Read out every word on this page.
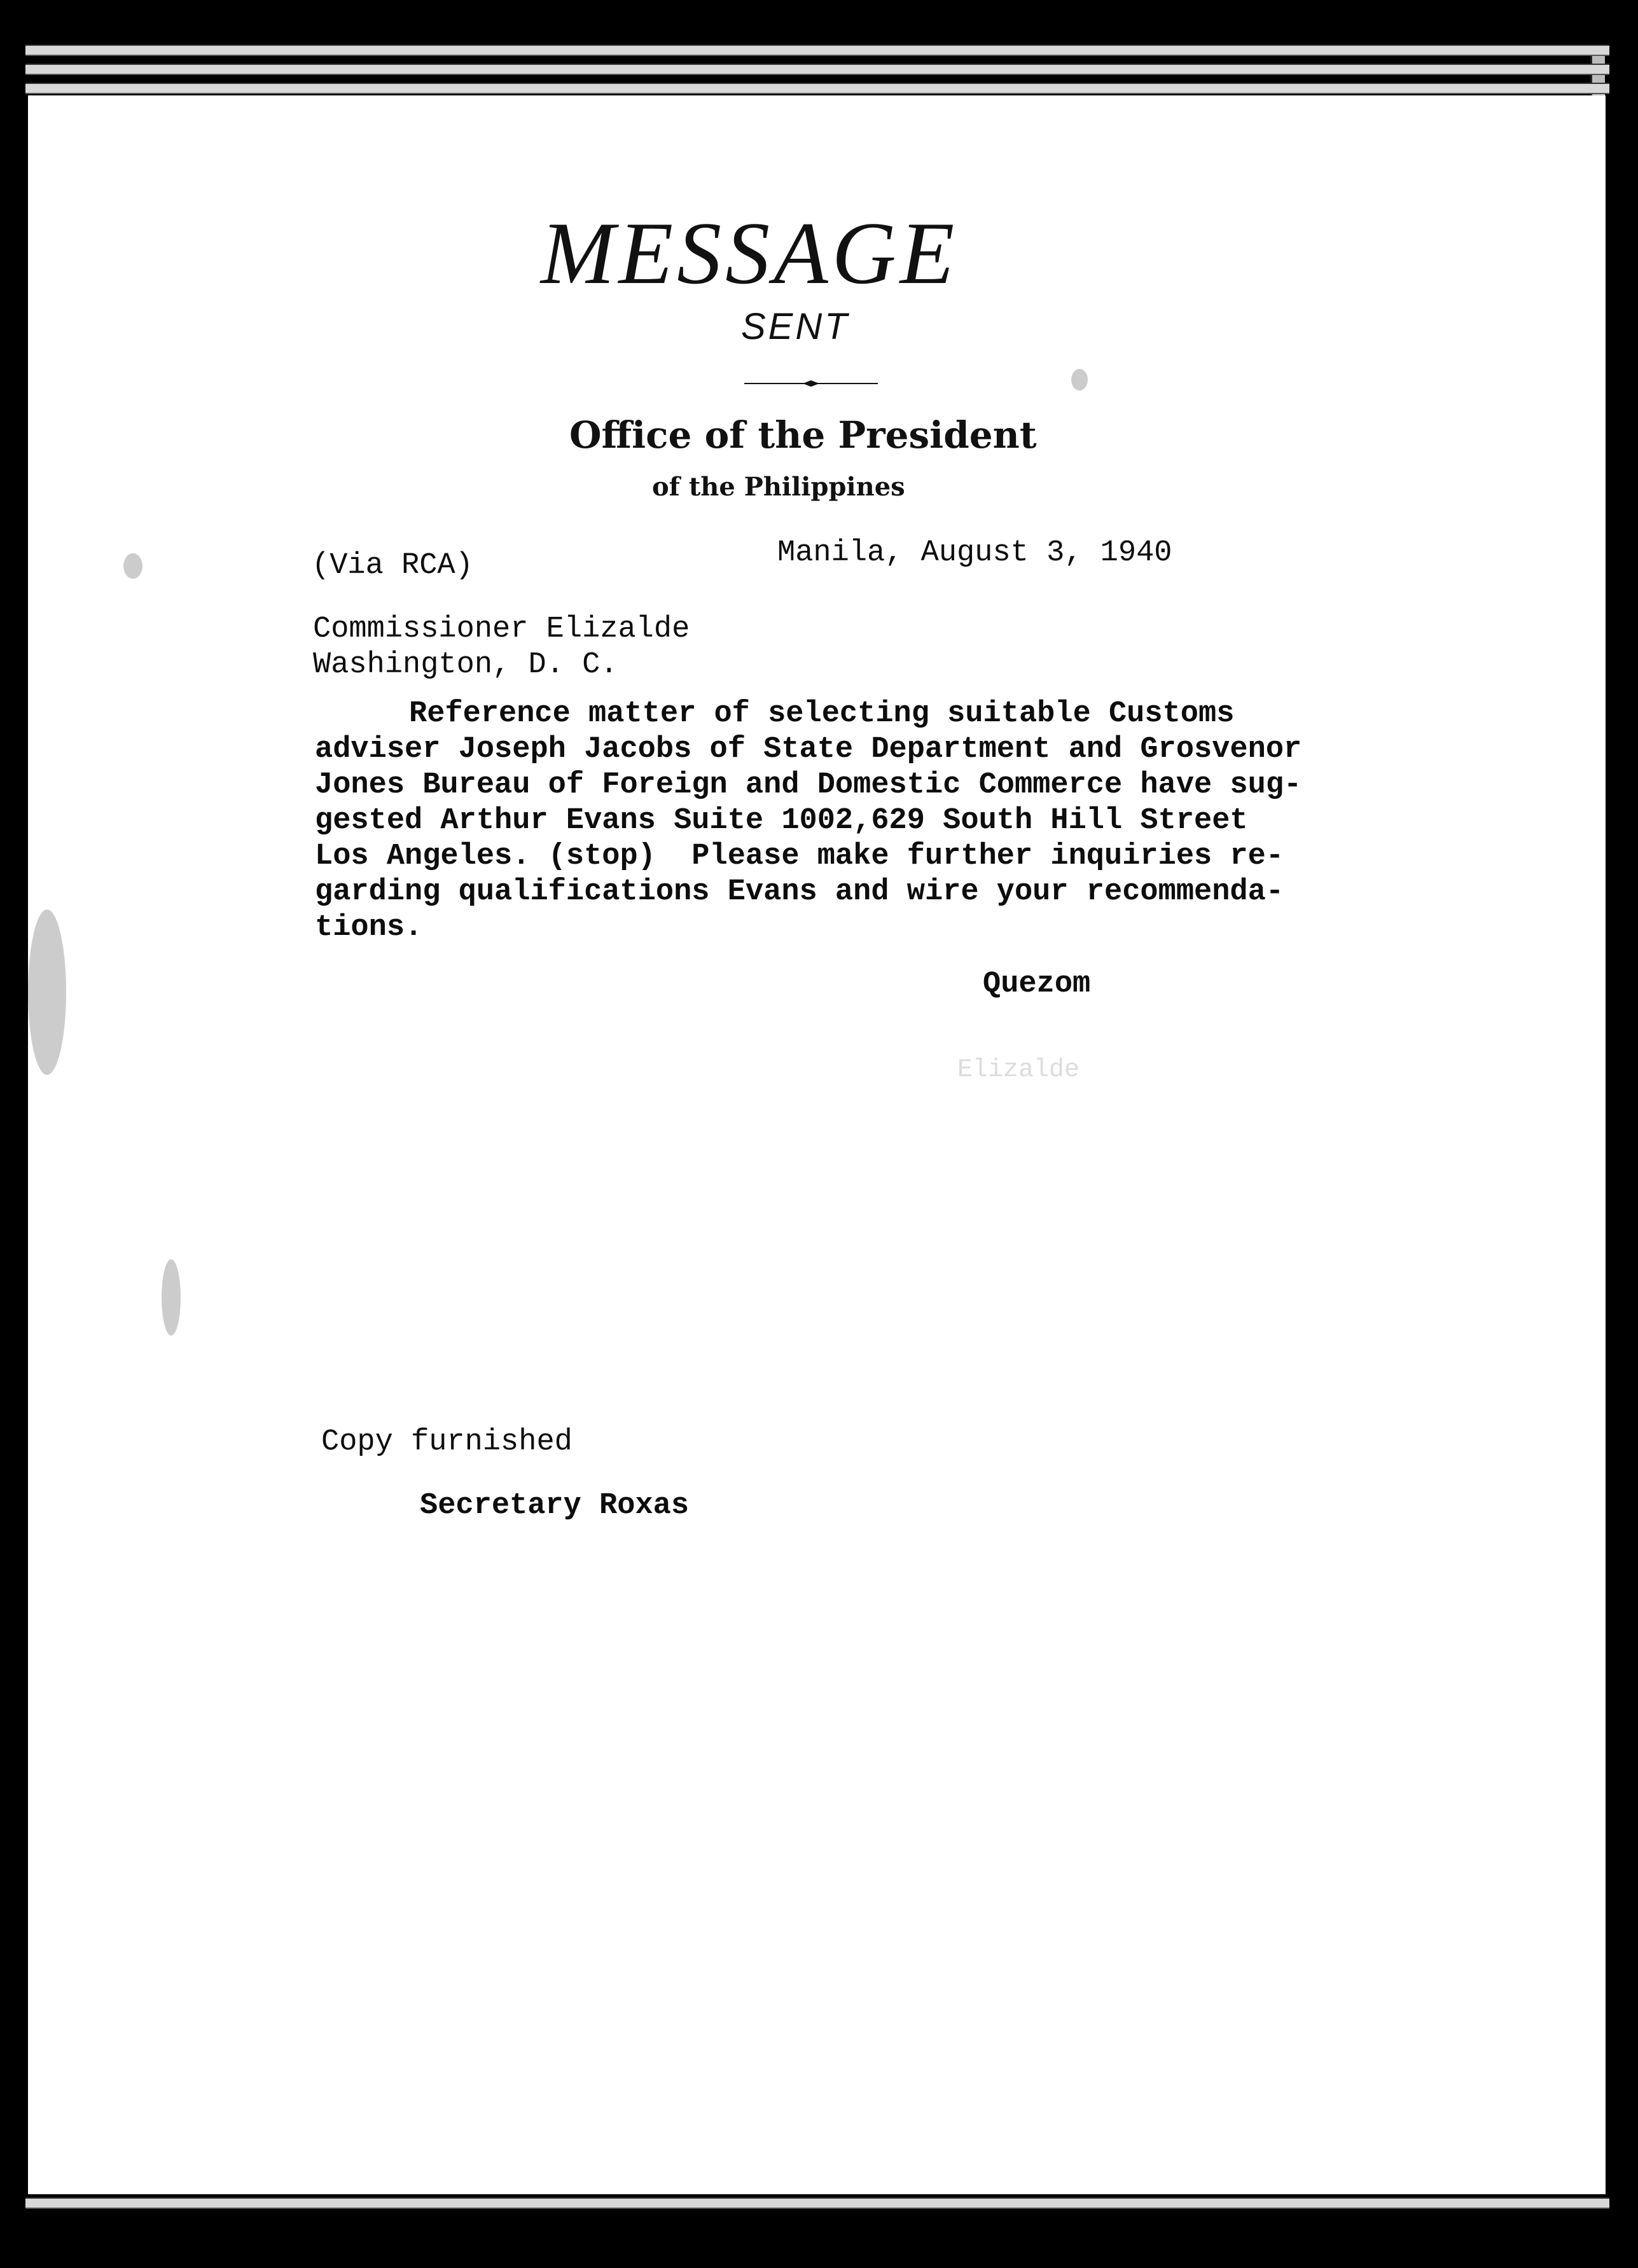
MESSAGE
SENT
Office of the President
of the Philippines
(Via RCA)	Manila, August 3, 1940
Commissioner Elizalde
Washington, D. C.
Reference matter of selecting suitable Customs
adviser Joseph Jacobs of State Department and Grosvenor
Jones Bureau of Foreign and Domestic Commerce have sug-
gested Arthur Evans Suite 1002,629 South Hill Street
Los Angeles. (stop)  Please make further inquiries re-
garding qualifications Evans and wire your recommenda-
tions.
Quezom
Elizalde
Copy furnished
Secretary Roxas
